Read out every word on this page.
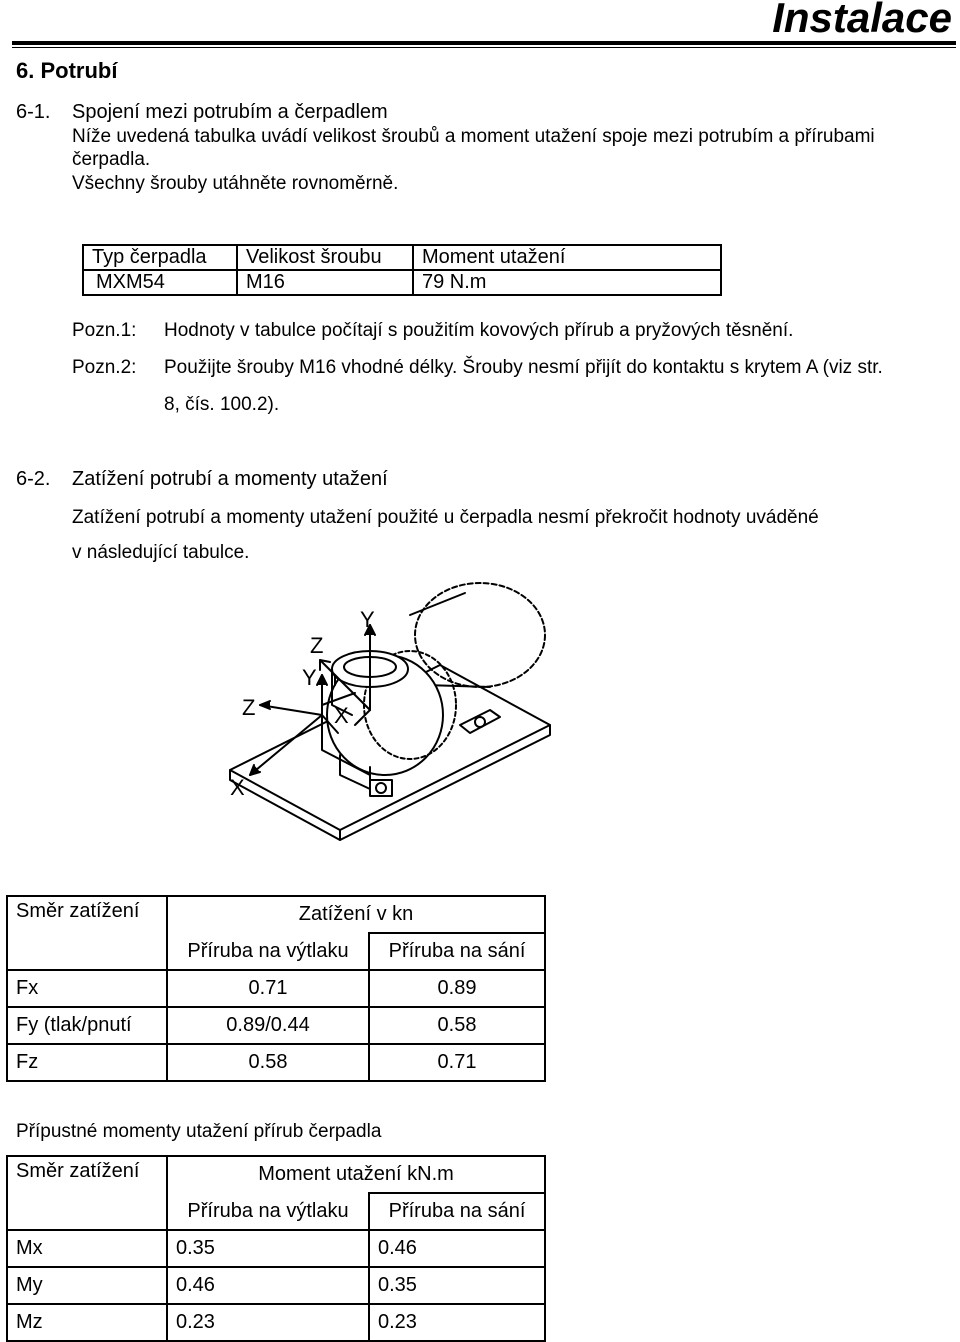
Instalace
6. Potrubí
6-1. Spojení mezi potrubím a čerpadlem
Níže uvedená tabulka uvádí velikost šroubů a moment utažení spoje mezi potrubím a přírubami
čerpadla.
Všechny šrouby utáhněte rovnoměrně.
Typ čerpadla	Velikost šroubu	Moment utažení
MXM54	M16	79 N.m
Pozn.1: Hodnoty v tabulce počítají s použitím kovových přírub a pryžových těsnění.
Pozn.2: Použijte šrouby M16 vhodné délky. Šrouby nesmí přijít do kontaktu s krytem A (viz str.
8, čís. 100.2).
6-2. Zatížení potrubí a momenty utažení
Zatížení potrubí a momenty utažení použité u čerpadla nesmí překročit hodnoty uváděné
v následující tabulce.
Y
Z
Y
Z	X
X
Směr zatížení	Zatížení v kn	
	Příruba na výtlaku	Příruba na sání
Fx	0.71	0.89
Fy (tlak/pnutí	0.89/0.44	0.58
Fz	0.58	0.71
Přípustné momenty utažení přírub čerpadla
Směr zatížení	Moment utažení kN.m	
	Příruba na výtlaku	Příruba na sání
Mx	0.35	0.46
My	0.46	0.35
Mz	0.23	0.23
